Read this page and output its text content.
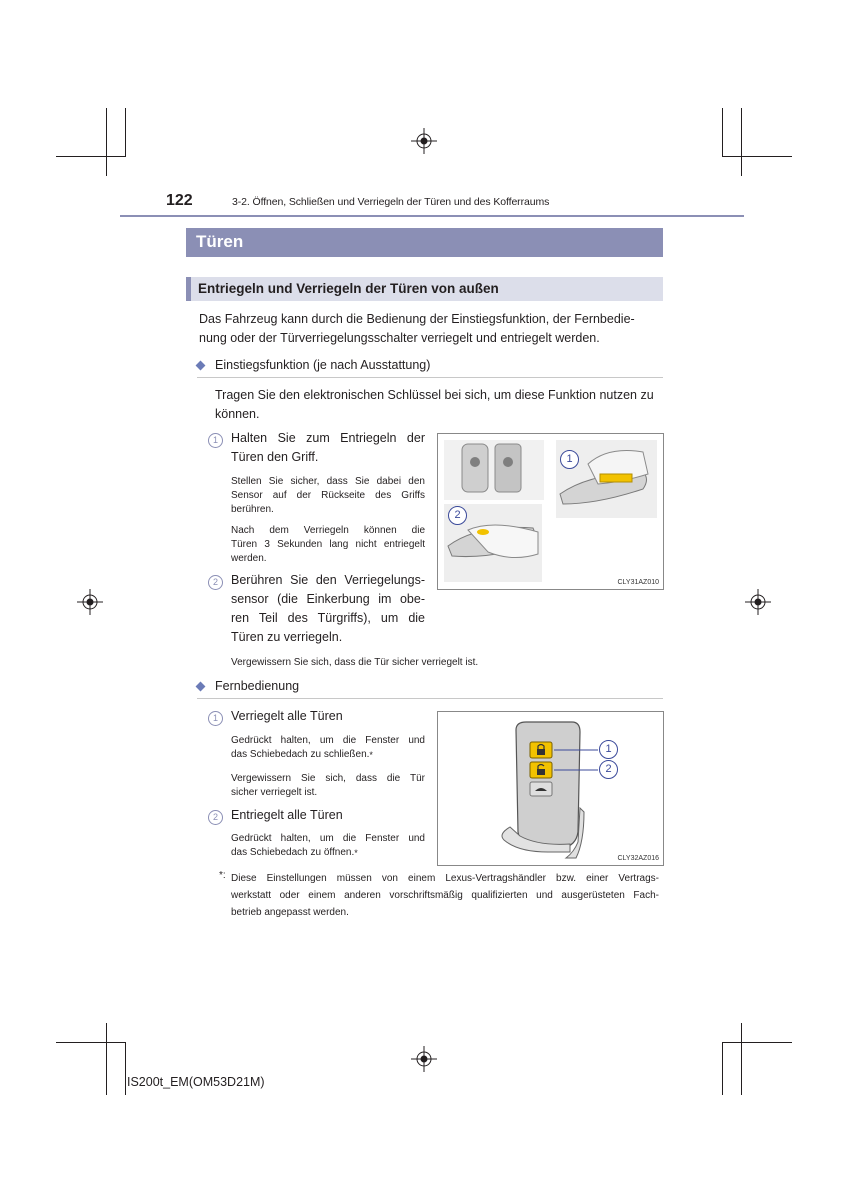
122	3-2. Öffnen, Schließen und Verriegeln der Türen und des Kofferraums
Türen
Entriegeln und Verriegeln der Türen von außen
Das Fahrzeug kann durch die Bedienung der Einstiegsfunktion, der Fernbedie-
nung oder der Türverriegelungsschalter verriegelt und entriegelt werden.
Einstiegsfunktion (je nach Ausstattung)
Tragen Sie den elektronischen Schlüssel bei sich, um diese Funktion nutzen zu
können.
1	Halten Sie zum Entriegeln der
Türen den Griff.
Stellen Sie sicher, dass Sie dabei den
Sensor auf der Rückseite des Griffs
berühren.
Nach dem Verriegeln können die
Türen 3 Sekunden lang nicht entriegelt
werden.
2	Berühren Sie den Verriegelungs-
sensor (die Einkerbung im obe-
ren Teil des Türgriffs), um die
Türen zu verriegeln.
Vergewissern Sie sich, dass die Tür sicher verriegelt ist.
1
2
CLY31AZ010
Fernbedienung
1	Verriegelt alle Türen
Gedrückt halten, um die Fenster und
das Schiebedach zu schließen.*
Vergewissern Sie sich, dass die Tür
sicher verriegelt ist.
2	Entriegelt alle Türen
Gedrückt halten, um die Fenster und
das Schiebedach zu öffnen.*
1
2
CLY32AZ016
*: Diese Einstellungen müssen von einem Lexus-Vertragshändler bzw. einer Vertrags-
werkstatt oder einem anderen vorschriftsmäßig qualifizierten und ausgerüsteten Fach-
betrieb angepasst werden.
IS200t_EM(OM53D21M)
